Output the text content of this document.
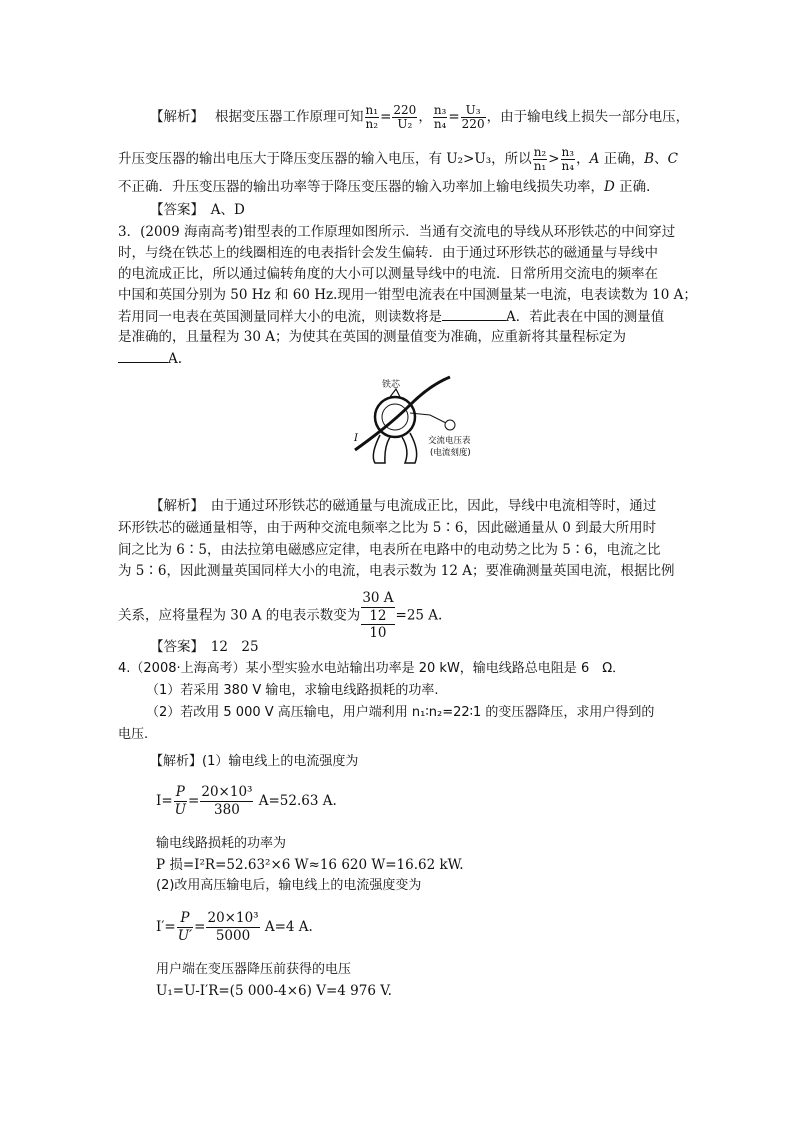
【解析】　 根据变压器工作原理可知 $\frac{\text{n₁}}{\text{n₂}} = \frac{220}{\text{U₂}}$ ， $\frac{\text{n₃}}{\text{n₄}} = \frac{\text{U₃}}{220}$ ，由于输电线上损失一部分电压，
升压变压器的输出电压大于降压变压器的输入电压，有 U₂>U₃，所以 $\frac{\text{n₂}}{\text{n₁}} > \frac{\text{n₃}}{\text{n₄}}$ ，A 正确，B、C
不正确．升压变压器的输出功率等于降压变压器的输入功率加上输电线损失功率，D 正确．
【答案】　 A、D
3．(2009 海南高考)钳型表的工作原理如图所示．当通有交流电的导线从环形铁芯的中间穿过
时，与绕在铁芯上的线圈相连的电表指针会发生偏转．由于通过环形铁芯的磁通量与导线中
的电流成正比，所以通过偏转角度的大小可以测量导线中的电流．日常所用交流电的频率在
中国和英国分别为 50 Hz 和 60 Hz.现用一钳型电流表在中国测量某一电流，电表读数为 10 A；
若用同一电表在英国测量同样大小的电流，则读数将是	A．若此表在中国的测量值
是准确的，且量程为 30 A；为使其在英国的测量值变为准确，应重新将其量程标定为
A.
铁芯
I	交流电压表
(电流刻度)
【解析】　 由于通过环形铁芯的磁通量与电流成正比，因此，导线中电流相等时，通过
环形铁芯的磁通量相等，由于两种交流电频率之比为 5∶6，因此磁通量从 0 到最大所用时
间之比为 6∶5，由法拉第电磁感应定律，电表所在电路中的电动势之比为 5∶6，电流之比
为 5∶6，因此测量英国同样大小的电流，电表示数为 12 A；要准确测量英国电流，根据比例
关系，应将量程为 30 A 的电表示数变为
30 A
12
10
=25 A.
【答案】　 12　25
4.（2008·上海高考）某小型实验水电站输出功率是 20 kW，输电线路总电阻是 6　Ω．
（1）若采用 380 V 输电，求输电线路损耗的功率.
（2）若改用 5 000 V 高压输电，用户端利用 n₁∶n₂=22∶1 的变压器降压，求用户得到的
电压.
【解析】(1）输电线上的电流强度为
$I= \frac{P}{U} = \frac{\text{20×10³}}{380} A=52.63$ A.
输电线路损耗的功率为
P 损=I²R=52.63²×6 W≈16 620 W=16.62 kW.
(2)改用高压输电后，输电线上的电流强度变为
$I'= \frac{P}{U'} = \frac{\text{20×10³}}{5000} A=4$ A.
用户端在变压器降压前获得的电压
U₁=U-I′R=(5 000-4×6) V=4 976 V.
